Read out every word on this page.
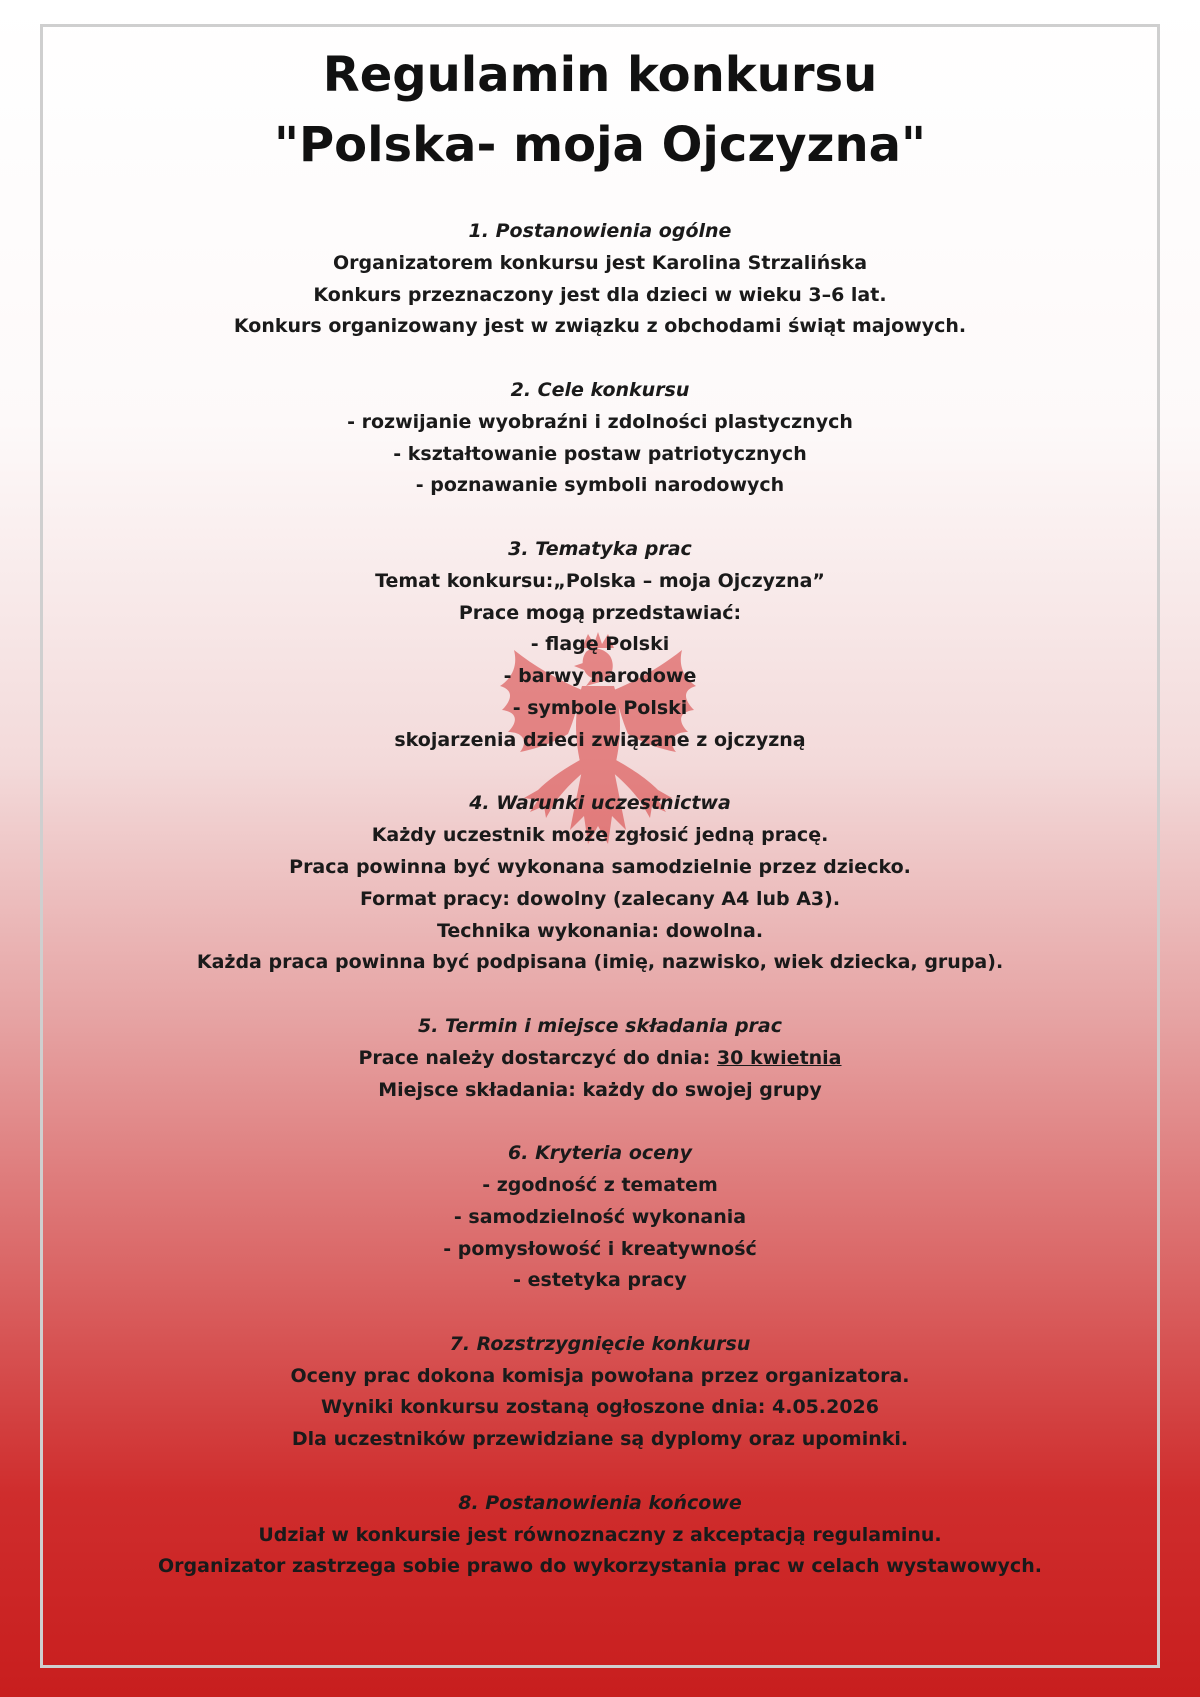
Regulamin konkursu
"Polska- moja Ojczyzna"
1. Postanowienia ogólne
Organizatorem konkursu jest Karolina Strzalińska
Konkurs przeznaczony jest dla dzieci w wieku 3–6 lat.
Konkurs organizowany jest w związku z obchodami świąt majowych.
2. Cele konkursu
- rozwijanie wyobraźni i zdolności plastycznych
- kształtowanie postaw patriotycznych
- poznawanie symboli narodowych
3. Tematyka prac
Temat konkursu:„Polska – moja Ojczyzna”
Prace mogą przedstawiać:
- flagę Polski
- barwy narodowe
- symbole Polski
skojarzenia dzieci związane z ojczyzną
4. Warunki uczestnictwa
Każdy uczestnik może zgłosić jedną pracę.
Praca powinna być wykonana samodzielnie przez dziecko.
Format pracy: dowolny (zalecany A4 lub A3).
Technika wykonania: dowolna.
Każda praca powinna być podpisana (imię, nazwisko, wiek dziecka, grupa).
5. Termin i miejsce składania prac
Prace należy dostarczyć do dnia: 30 kwietnia
Miejsce składania: każdy do swojej grupy
6. Kryteria oceny
- zgodność z tematem
- samodzielność wykonania
- pomysłowość i kreatywność
- estetyka pracy
7. Rozstrzygnięcie konkursu
Oceny prac dokona komisja powołana przez organizatora.
Wyniki konkursu zostaną ogłoszone dnia: 4.05.2026
Dla uczestników przewidziane są dyplomy oraz upominki.
8. Postanowienia końcowe
Udział w konkursie jest równoznaczny z akceptacją regulaminu.
Organizator zastrzega sobie prawo do wykorzystania prac w celach wystawowych.
